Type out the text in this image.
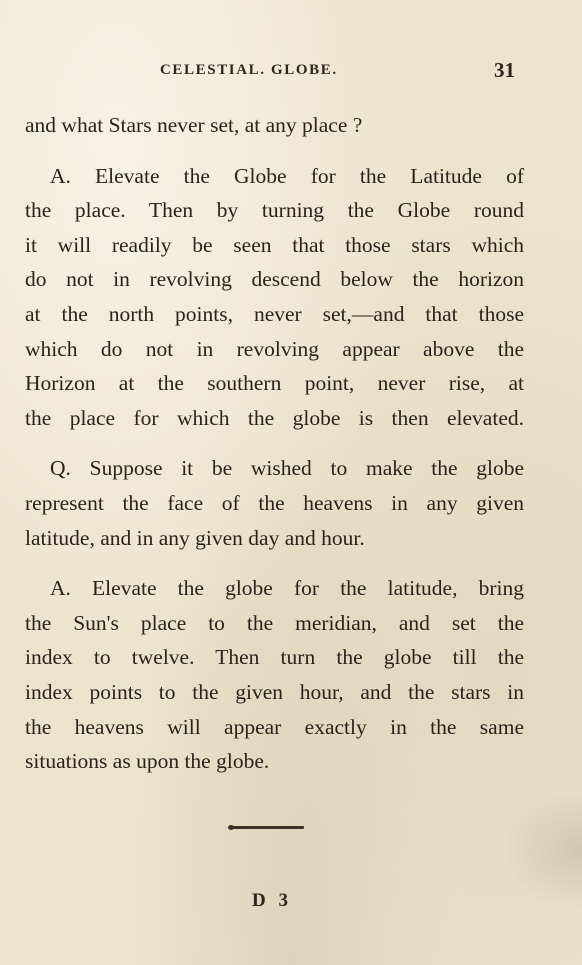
CELESTIAL. GLOBE.	31
and what Stars never set, at any place ?
A. Elevate the Globe for the Latitude of
the place. Then by turning the Globe round
it will readily be seen that those stars which
do not in revolving descend below the horizon
at the north points, never set,—and that those
which do not in revolving appear above the
Horizon at the southern point, never rise, at
the place for which the globe is then elevated.
Q. Suppose it be wished to make the globe
represent the face of the heavens in any given
latitude, and in any given day and hour.
A. Elevate the globe for the latitude, bring
the Sun's place to the meridian, and set the
index to twelve. Then turn the globe till the
index points to the given hour, and the stars in
the heavens will appear exactly in the same
situations as upon the globe.
D 3
